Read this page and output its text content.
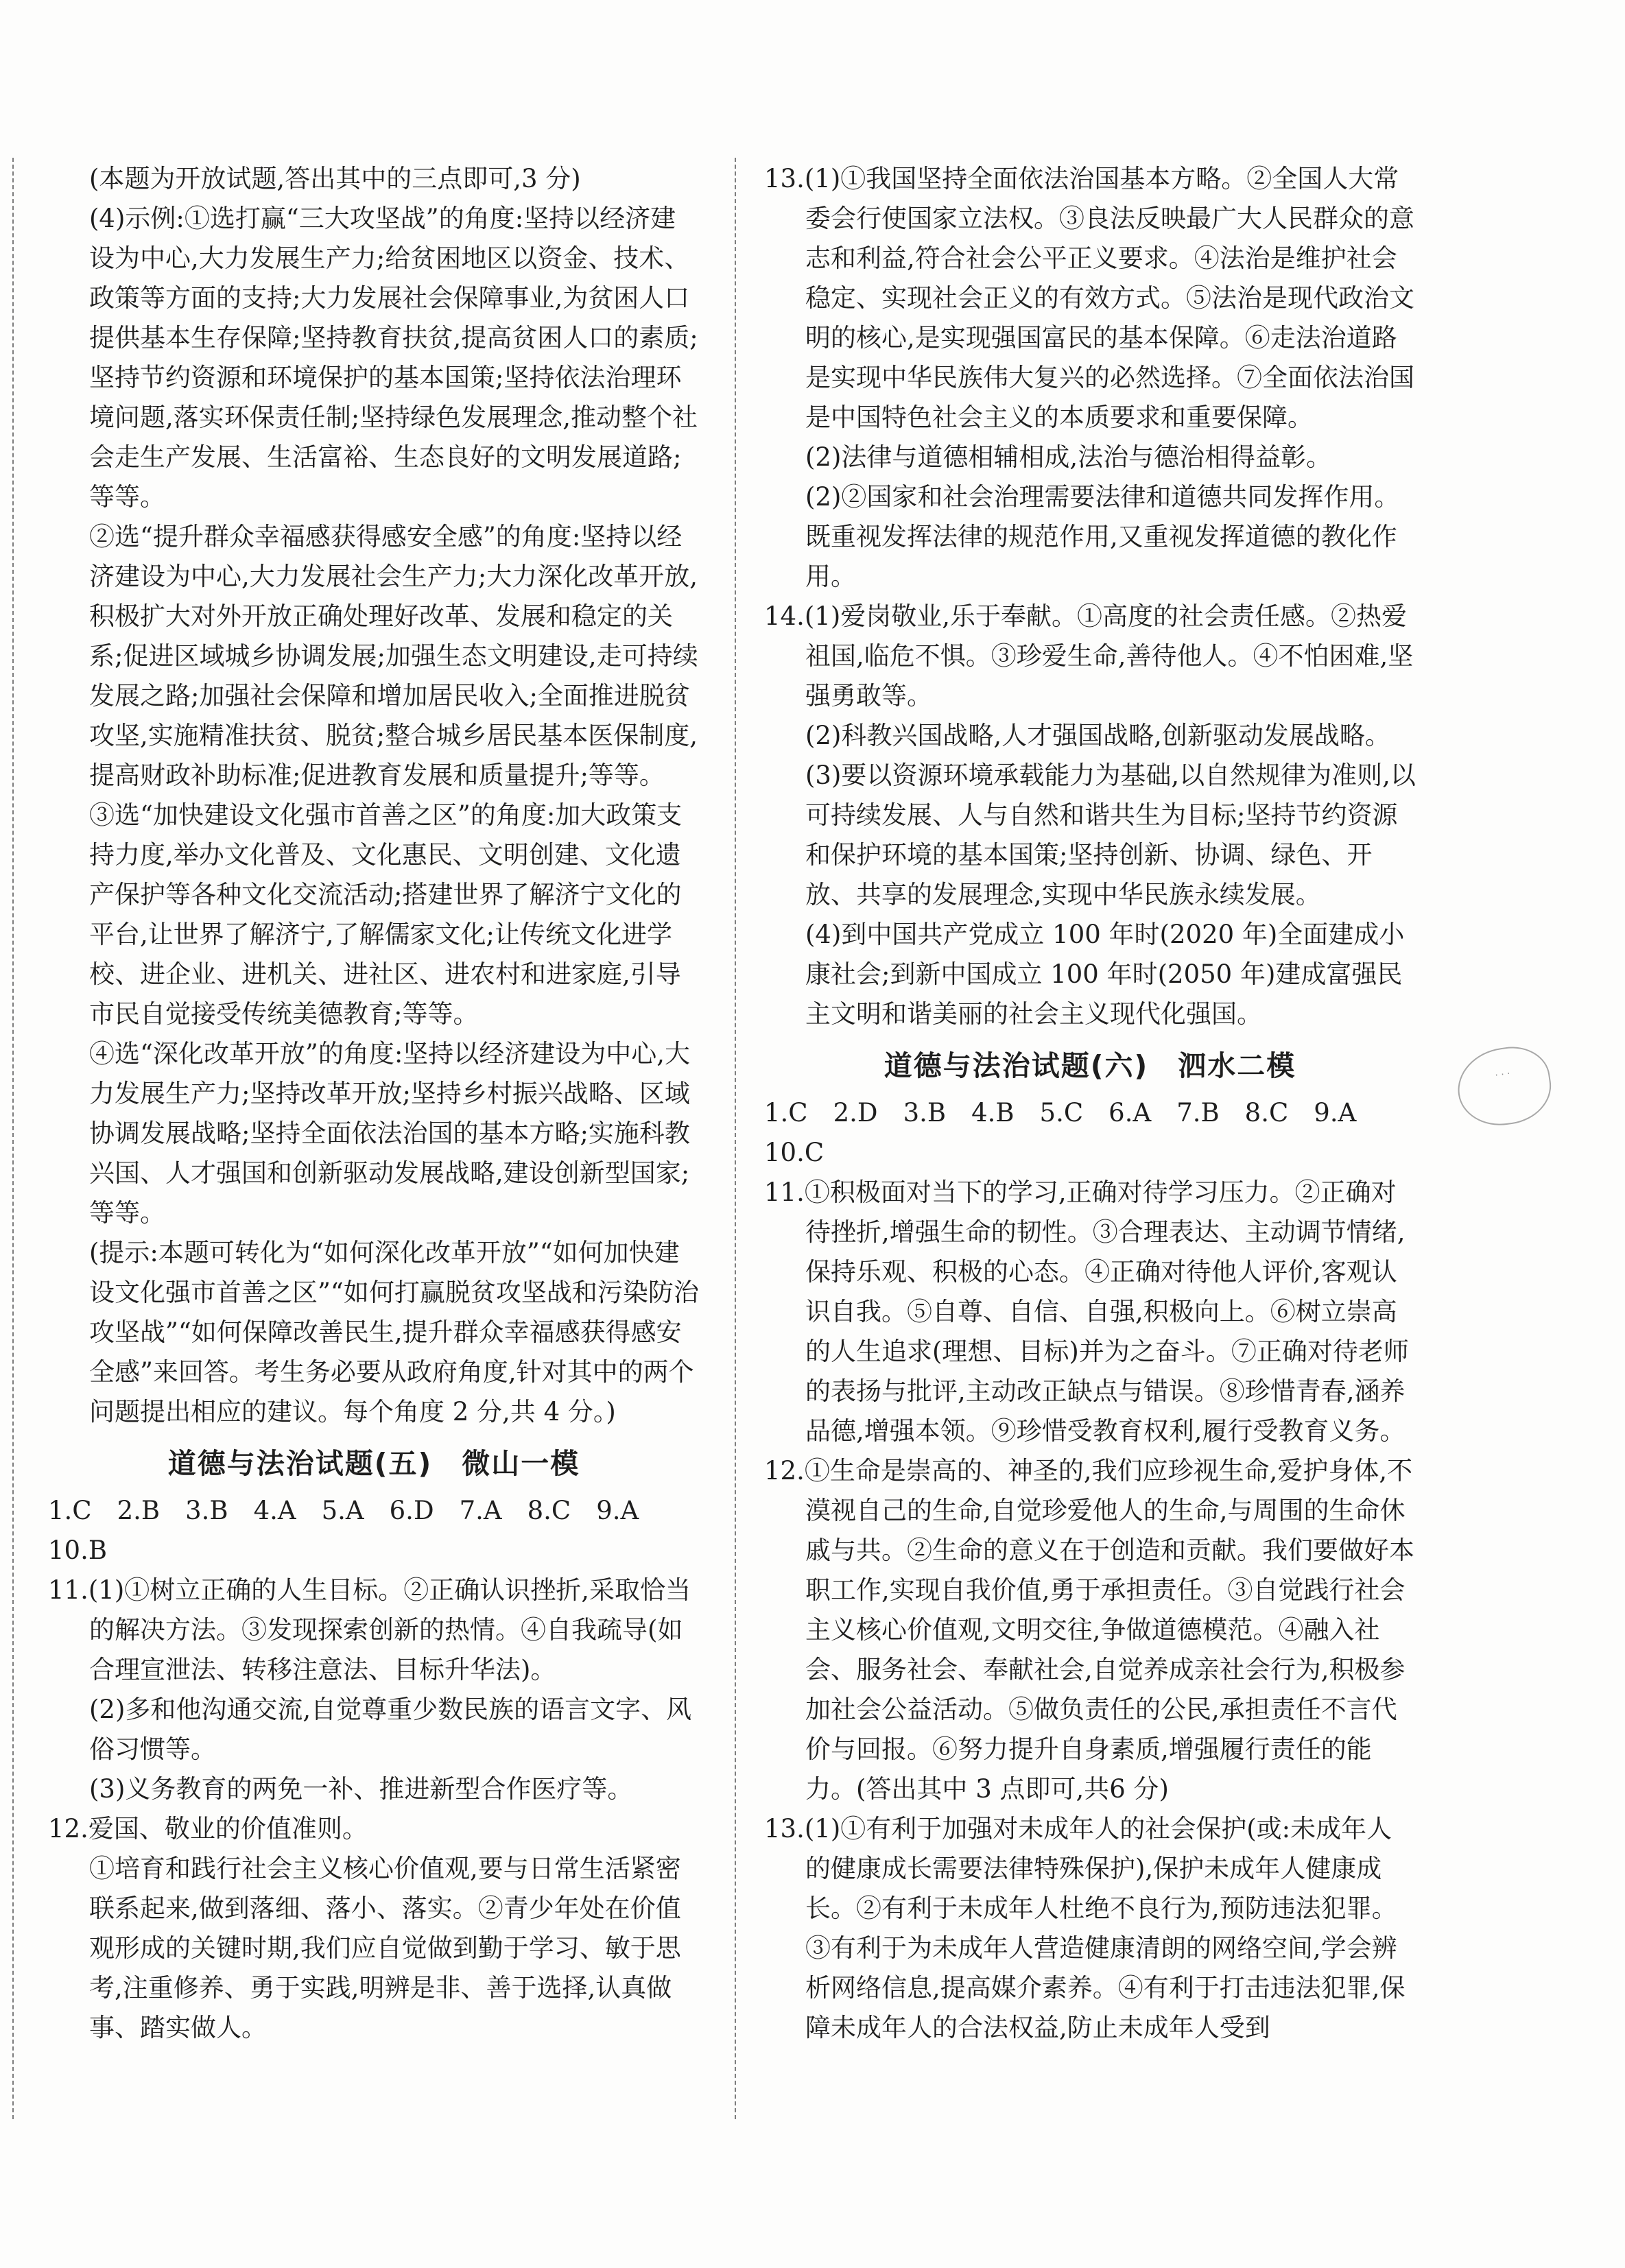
(本题为开放试题,答出其中的三点即可,3 分)

(4)示例:①选打赢“三大攻坚战”的角度:坚持以经济建设为中心,大力发展生产力;给贫困地区以资金、技术、政策等方面的支持;大力发展社会保障事业,为贫困人口提供基本生存保障;坚持教育扶贫,提高贫困人口的素质;坚持节约资源和环境保护的基本国策;坚持依法治理环境问题,落实环保责任制;坚持绿色发展理念,推动整个社会走生产发展、生活富裕、生态良好的文明发展道路;等等。

②选“提升群众幸福感获得感安全感”的角度:坚持以经济建设为中心,大力发展社会生产力;大力深化改革开放,积极扩大对外开放正确处理好改革、发展和稳定的关系;促进区域城乡协调发展;加强生态文明建设,走可持续发展之路;加强社会保障和增加居民收入;全面推进脱贫攻坚,实施精准扶贫、脱贫;整合城乡居民基本医保制度,提高财政补助标准;促进教育发展和质量提升;等等。

③选“加快建设文化强市首善之区”的角度:加大政策支持力度,举办文化普及、文化惠民、文明创建、文化遗产保护等各种文化交流活动;搭建世界了解济宁文化的平台,让世界了解济宁,了解儒家文化;让传统文化进学校、进企业、进机关、进社区、进农村和进家庭,引导市民自觉接受传统美德教育;等等。

④选“深化改革开放”的角度:坚持以经济建设为中心,大力发展生产力;坚持改革开放;坚持乡村振兴战略、区域协调发展战略;坚持全面依法治国的基本方略;实施科教兴国、人才强国和创新驱动发展战略,建设创新型国家;等等。

(提示:本题可转化为“如何深化改革开放”“如何加快建设文化强市首善之区”“如何打赢脱贫攻坚战和污染防治攻坚战”“如何保障改善民生,提升群众幸福感获得感安全感”来回答。考生务必要从政府角度,针对其中的两个问题提出相应的建议。每个角度 2 分,共 4 分。)

道德与法治试题(五)　微山一模

1.C　2.B　3.B　4.A　5.A　6.D　7.A　8.C　9.A

10.B

11.(1)①树立正确的人生目标。②正确认识挫折,采取恰当的解决方法。③发现探索创新的热情。④自我疏导(如合理宣泄法、转移注意法、目标升华法)。

(2)多和他沟通交流,自觉尊重少数民族的语言文字、风俗习惯等。

(3)义务教育的两免一补、推进新型合作医疗等。

12.爱国、敬业的价值准则。

①培育和践行社会主义核心价值观,要与日常生活紧密联系起来,做到落细、落小、落实。②青少年处在价值观形成的关键时期,我们应自觉做到勤于学习、敏于思考,注重修养、勇于实践,明辨是非、善于选择,认真做事、踏实做人。

13.(1)①我国坚持全面依法治国基本方略。②全国人大常委会行使国家立法权。③良法反映最广大人民群众的意志和利益,符合社会公平正义要求。④法治是维护社会稳定、实现社会正义的有效方式。⑤法治是现代政治文明的核心,是实现强国富民的基本保障。⑥走法治道路是实现中华民族伟大复兴的必然选择。⑦全面依法治国是中国特色社会主义的本质要求和重要保障。

(2)法律与道德相辅相成,法治与德治相得益彰。

(2)②国家和社会治理需要法律和道德共同发挥作用。既重视发挥法律的规范作用,又重视发挥道德的教化作用。

14.(1)爱岗敬业,乐于奉献。①高度的社会责任感。②热爱祖国,临危不惧。③珍爱生命,善待他人。④不怕困难,坚强勇敢等。

(2)科教兴国战略,人才强国战略,创新驱动发展战略。

(3)要以资源环境承载能力为基础,以自然规律为准则,以可持续发展、人与自然和谐共生为目标;坚持节约资源和保护环境的基本国策;坚持创新、协调、绿色、开放、共享的发展理念,实现中华民族永续发展。

(4)到中国共产党成立 100 年时(2020 年)全面建成小康社会;到新中国成立 100 年时(2050 年)建成富强民主文明和谐美丽的社会主义现代化强国。

道德与法治试题(六)　泗水二模

1.C　2.D　3.B　4.B　5.C　6.A　7.B　8.C　9.A

10.C

11.①积极面对当下的学习,正确对待学习压力。②正确对待挫折,增强生命的韧性。③合理表达、主动调节情绪,保持乐观、积极的心态。④正确对待他人评价,客观认识自我。⑤自尊、自信、自强,积极向上。⑥树立崇高的人生追求(理想、目标)并为之奋斗。⑦正确对待老师的表扬与批评,主动改正缺点与错误。⑧珍惜青春,涵养品德,增强本领。⑨珍惜受教育权利,履行受教育义务。

12.①生命是崇高的、神圣的,我们应珍视生命,爱护身体,不漠视自己的生命,自觉珍爱他人的生命,与周围的生命休戚与共。②生命的意义在于创造和贡献。我们要做好本职工作,实现自我价值,勇于承担责任。③自觉践行社会主义核心价值观,文明交往,争做道德模范。④融入社会、服务社会、奉献社会,自觉养成亲社会行为,积极参加社会公益活动。⑤做负责任的公民,承担责任不言代价与回报。⑥努力提升自身素质,增强履行责任的能力。(答出其中 3 点即可,共6 分)

13.(1)①有利于加强对未成年人的社会保护(或:未成年人的健康成长需要法律特殊保护),保护未成年人健康成长。②有利于未成年人杜绝不良行为,预防违法犯罪。③有利于为未成年人营造健康清朗的网络空间,学会辨析网络信息,提高媒介素养。④有利于打击违法犯罪,保障未成年人的合法权益,防止未成年人受到

· · ·
